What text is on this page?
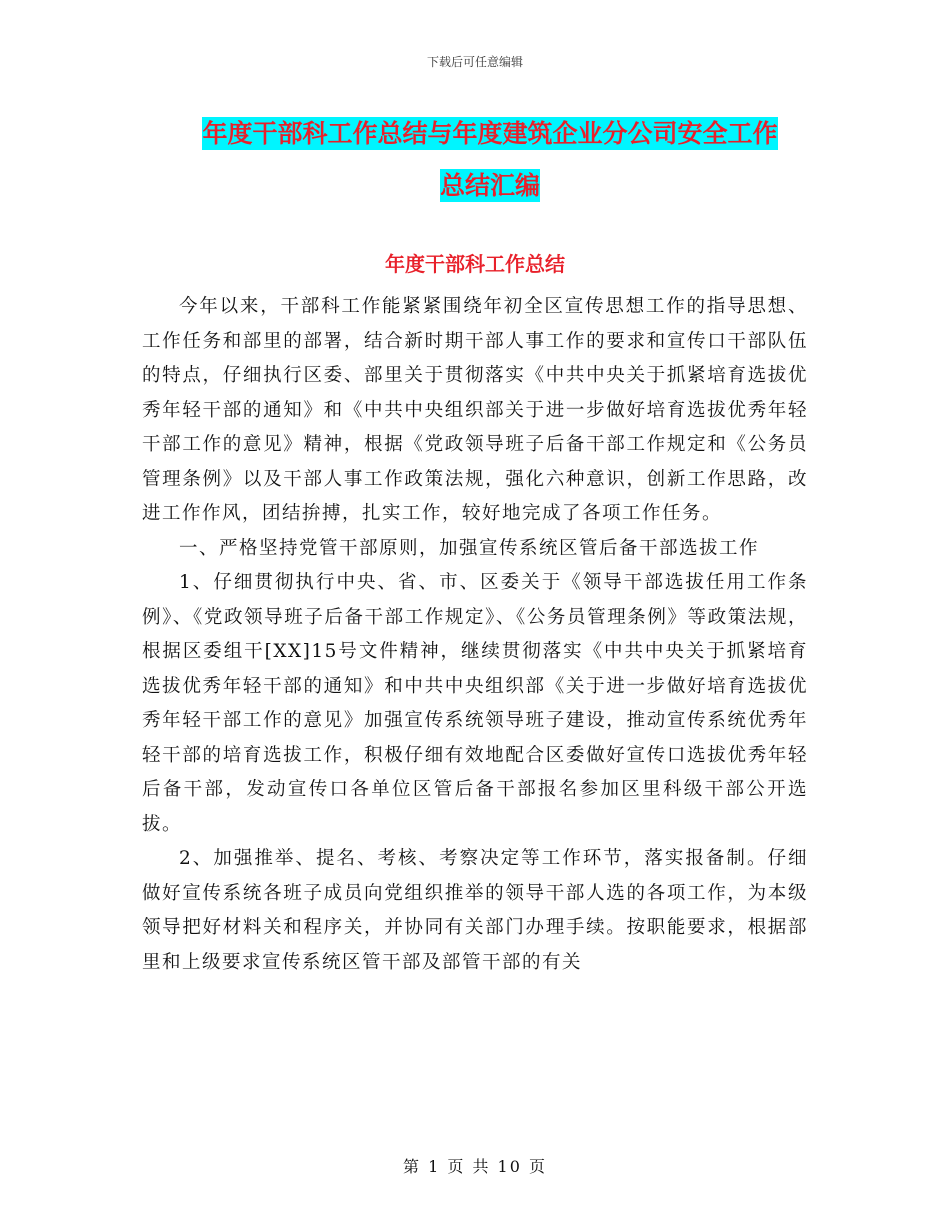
下载后可任意编辑
年度干部科工作总结与年度建筑企业分公司安全工作
总结汇编
年度干部科工作总结

今年以来，干部科工作能紧紧围绕年初全区宣传思想工作的指导思想、工作任务和部里的部署，结合新时期干部人事工作的要求和宣传口干部队伍的特点，仔细执行区委、部里关于贯彻落实《中共中央关于抓紧培育选拔优秀年轻干部的通知》和《中共中央组织部关于进一步做好培育选拔优秀年轻干部工作的意见》精神，根据《党政领导班子后备干部工作规定和《公务员管理条例》以及干部人事工作政策法规，强化六种意识，创新工作思路，改进工作作风，团结拚搏，扎实工作，较好地完成了各项工作任务。

一、严格坚持党管干部原则，加强宣传系统区管后备干部选拔工作

1、仔细贯彻执行中央、省、市、区委关于《领导干部选拔任用工作条例》、《党政领导班子后备干部工作规定》、《公务员管理条例》等政策法规，根据区委组干[XX]15号文件精神，继续贯彻落实《中共中央关于抓紧培育选拔优秀年轻干部的通知》和中共中央组织部《关于进一步做好培育选拔优秀年轻干部工作的意见》加强宣传系统领导班子建设，推动宣传系统优秀年轻干部的培育选拔工作，积极仔细有效地配合区委做好宣传口选拔优秀年轻后备干部，发动宣传口各单位区管后备干部报名参加区里科级干部公开选拔。

2、加强推举、提名、考核、考察决定等工作环节，落实报备制。仔细做好宣传系统各班子成员向党组织推举的领导干部人选的各项工作，为本级领导把好材料关和程序关，并协同有关部门办理手续。按职能要求，根据部里和上级要求宣传系统区管干部及部管干部的有关

第 1 页 共 10 页
